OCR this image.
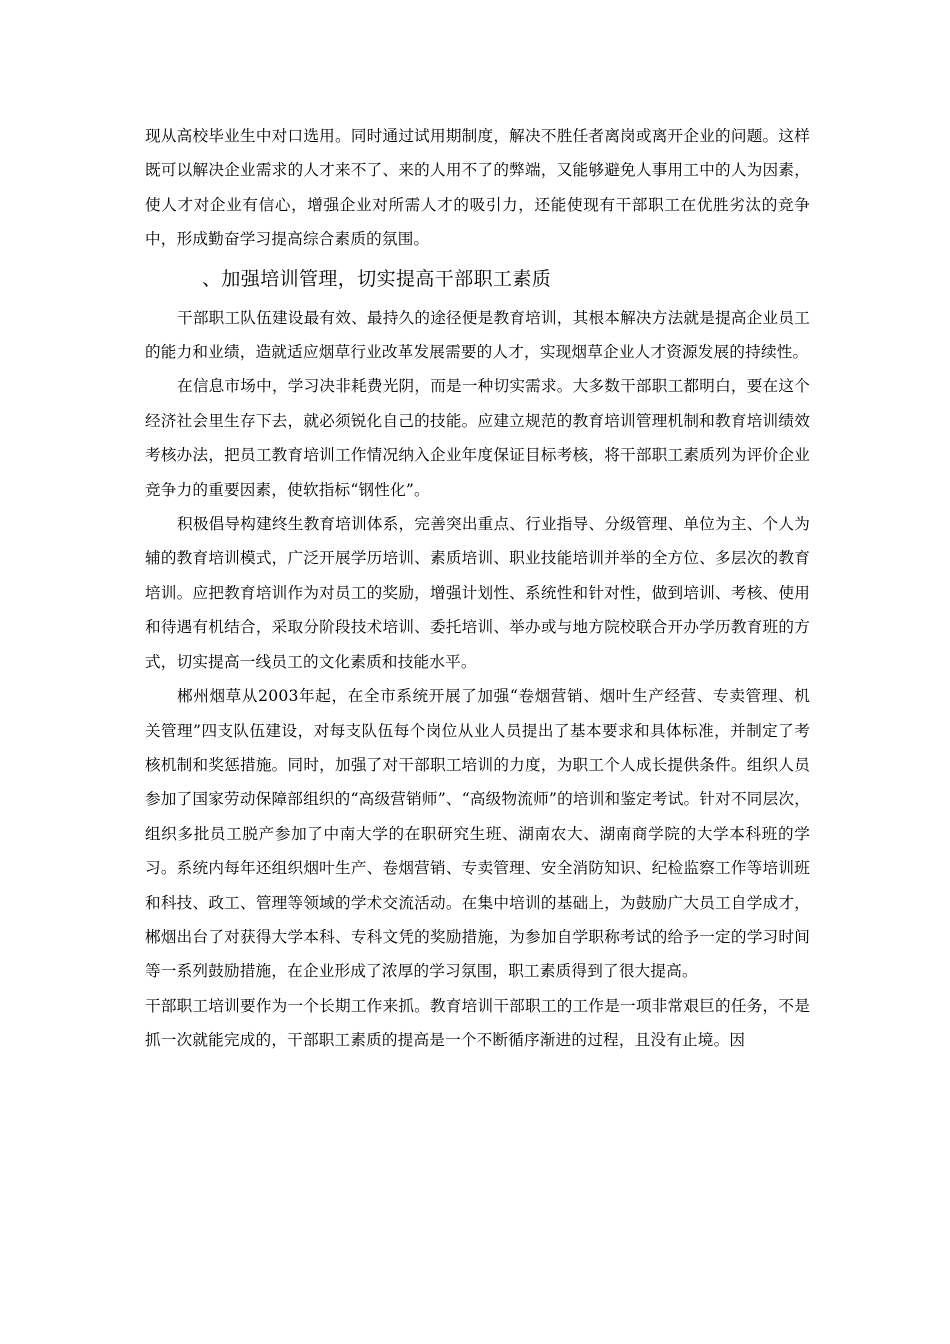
现从高校毕业生中对口选用。同时通过试用期制度，解决不胜任者离岗或离开企业的问题。这样既可以解决企业需求的人才来不了、来的人用不了的弊端，又能够避免人事用工中的人为因素，使人才对企业有信心，增强企业对所需人才的吸引力，还能使现有干部职工在优胜劣汰的竞争中，形成勤奋学习提高综合素质的氛围。

、加强培训管理，切实提高干部职工素质

干部职工队伍建设最有效、最持久的途径便是教育培训，其根本解决方法就是提高企业员工的能力和业绩，造就适应烟草行业改革发展需要的人才，实现烟草企业人才资源发展的持续性。

在信息市场中，学习决非耗费光阴，而是一种切实需求。大多数干部职工都明白，要在这个经济社会里生存下去，就必须锐化自己的技能。应建立规范的教育培训管理机制和教育培训绩效考核办法，把员工教育培训工作情况纳入企业年度保证目标考核，将干部职工素质列为评价企业竞争力的重要因素，使软指标“钢性化”。

积极倡导构建终生教育培训体系，完善突出重点、行业指导、分级管理、单位为主、个人为辅的教育培训模式，广泛开展学历培训、素质培训、职业技能培训并举的全方位、多层次的教育培训。应把教育培训作为对员工的奖励，增强计划性、系统性和针对性，做到培训、考核、使用和待遇有机结合，采取分阶段技术培训、委托培训、举办或与地方院校联合开办学历教育班的方式，切实提高一线员工的文化素质和技能水平。

郴州烟草从2003年起，在全市系统开展了加强“卷烟营销、烟叶生产经营、专卖管理、机关管理”四支队伍建设，对每支队伍每个岗位从业人员提出了基本要求和具体标准，并制定了考核机制和奖惩措施。同时，加强了对干部职工培训的力度，为职工个人成长提供条件。组织人员参加了国家劳动保障部组织的“高级营销师”、“高级物流师”的培训和鉴定考试。针对不同层次，组织多批员工脱产参加了中南大学的在职研究生班、湖南农大、湖南商学院的大学本科班的学习。系统内每年还组织烟叶生产、卷烟营销、专卖管理、安全消防知识、纪检监察工作等培训班和科技、政工、管理等领域的学术交流活动。在集中培训的基础上，为鼓励广大员工自学成才，郴烟出台了对获得大学本科、专科文凭的奖励措施，为参加自学职称考试的给予一定的学习时间等一系列鼓励措施，在企业形成了浓厚的学习氛围，职工素质得到了很大提高。

干部职工培训要作为一个长期工作来抓。教育培训干部职工的工作是一项非常艰巨的任务，不是抓一次就能完成的，干部职工素质的提高是一个不断循序渐进的过程，且没有止境。因
